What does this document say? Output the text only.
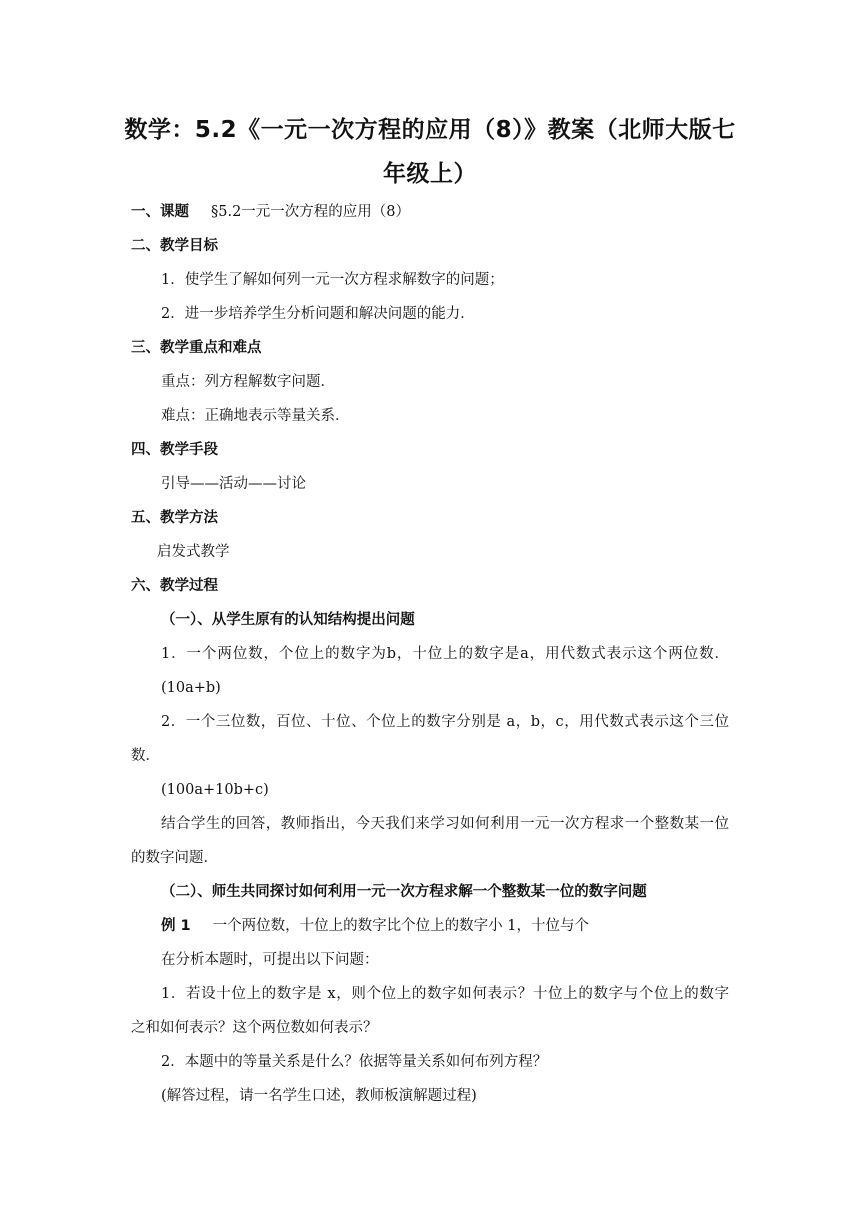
数学：5.2《一元一次方程的应用（8）》教案（北师大版七
年级上）
一、课题 §5.2一元一次方程的应用（8）
二、教学目标
1．使学生了解如何列一元一次方程求解数字的问题；
2．进一步培养学生分析问题和解决问题的能力．
三、教学重点和难点
重点：列方程解数字问题．
难点：正确地表示等量关系．
四、教学手段
引导——活动——讨论
五、教学方法
启发式教学
六、教学过程
（一）、从学生原有的认知结构提出问题
1．一个两位数，个位上的数字为b，十位上的数字是a，用代数式表示这个两位数．
(10a+b)
2．一个三位数，百位、十位、个位上的数字分别是 a，b，c，用代数式表示这个三位
数．
(100a+10b+c)
结合学生的回答，教师指出，今天我们来学习如何利用一元一次方程求一个整数某一位
的数字问题．
（二）、师生共同探讨如何利用一元一次方程求解一个整数某一位的数字问题
例 1 一个两位数，十位上的数字比个位上的数字小 1，十位与个
在分析本题时，可提出以下问题：
1．若设十位上的数字是 x，则个位上的数字如何表示？十位上的数字与个位上的数字
之和如何表示？这个两位数如何表示？
2．本题中的等量关系是什么？依据等量关系如何布列方程？
(解答过程，请一名学生口述，教师板演解题过程)
